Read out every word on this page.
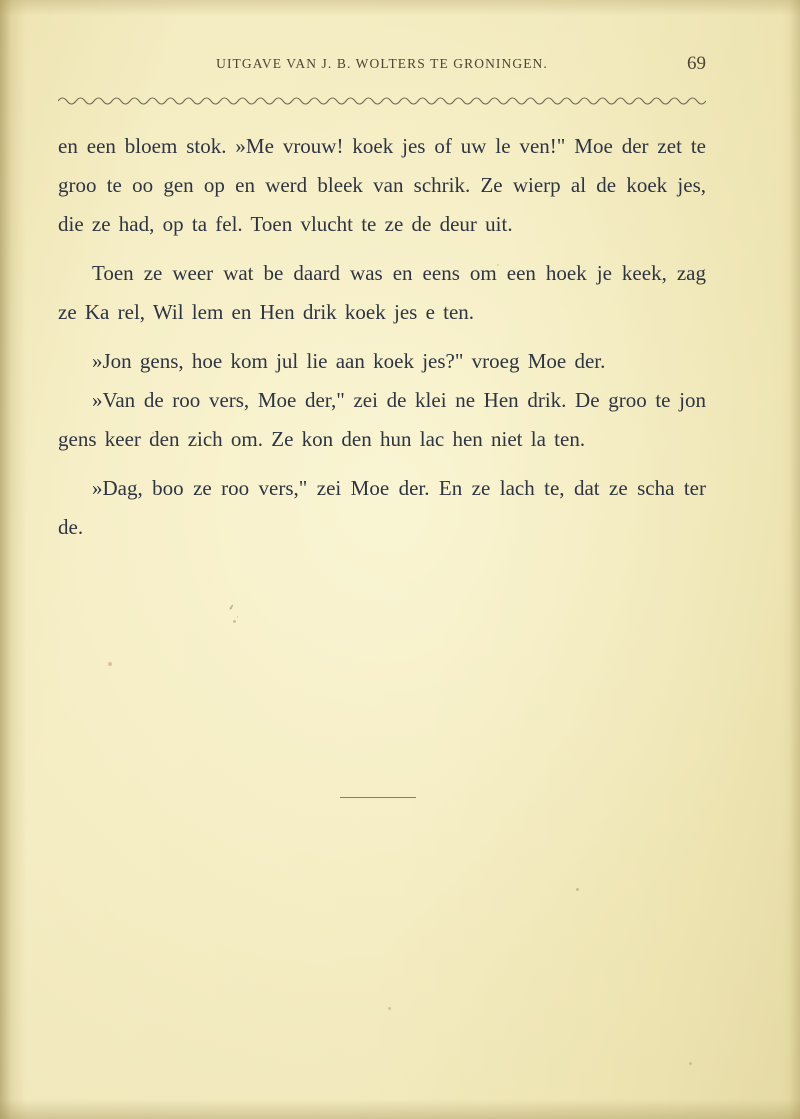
UITGAVE VAN J. B. WOLTERS TE GRONINGEN.	69

en een bloem stok. »Me vrouw! koek jes of uw le ven!" Moe der zet te groo te oo gen op en werd bleek van schrik. Ze wierp al de koek jes, die ze had, op ta fel. Toen vlucht te ze de deur uit.

Toen ze weer wat be daard was en eens om een hoek je keek, zag ze Ka rel, Wil lem en Hen drik koek jes e ten.

»Jon gens, hoe kom jul lie aan koek jes?" vroeg Moe der.

»Van de roo vers, Moe der," zei de klei ne Hen drik. De groo te jon gens keer den zich om. Ze kon den hun lac hen niet la ten.

»Dag, boo ze roo vers," zei Moe der. En ze lach te, dat ze scha ter de.

⸙
˙
